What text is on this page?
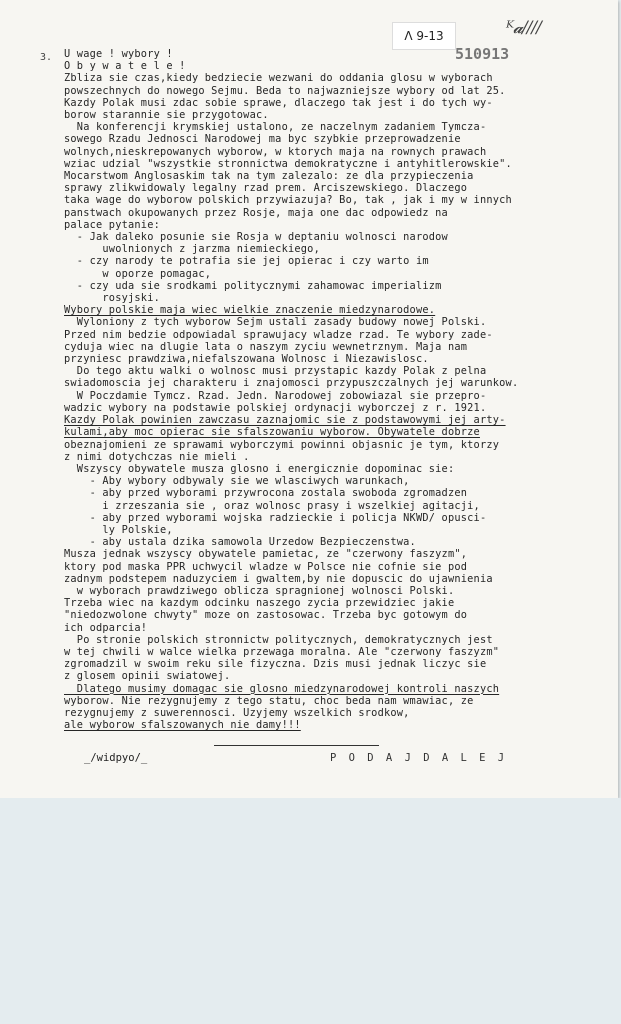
Λ 9-13	ᴷ𝓪////
510913
3. U wage ! wybory !
O b y w a t e l e !
Zbliza sie czas,kiedy bedziecie wezwani do oddania glosu w wyborach
powszechnych do nowego Sejmu. Beda to najwazniejsze wybory od lat 25.
Kazdy Polak musi zdac sobie sprawe, dlaczego tak jest i do tych wy-
borow starannie sie przygotowac.
Na konferencji krymskiej ustalono, ze naczelnym zadaniem Tymcza-
sowego Rzadu Jednosci Narodowej ma byc szybkie przeprowadzenie
wolnych,nieskrepowanych wyborow, w ktorych maja na rownych prawach
wziac udzial "wszystkie stronnictwa demokratyczne i antyhitlerowskie".
Mocarstwom Anglosaskim tak na tym zalezalo: ze dla przypieczenia
sprawy zlikwidowaly legalny rzad prem. Arciszewskiego. Dlaczego
taka wage do wyborow polskich przywiazuja? Bo, tak , jak i my w innych
panstwach okupowanych przez Rosje, maja one dac odpowiedz na
palace pytanie:
- Jak daleko posunie sie Rosja w deptaniu wolnosci narodow
uwolnionych z jarzma niemieckiego,
- czy narody te potrafia sie jej opierac i czy warto im
w oporze pomagac,
- czy uda sie srodkami politycznymi zahamowac imperializm
rosyjski.
Wybory polskie maja wiec wielkie znaczenie miedzynarodowe.
Wyloniony z tych wyborow Sejm ustali zasady budowy nowej Polski.
Przed nim bedzie odpowiadal sprawujacy wladze rzad. Te wybory zade-
cyduja wiec na dlugie lata o naszym zyciu wewnetrznym. Maja nam
przyniesc prawdziwa,niefalszowana Wolnosc i Niezawislosc.
Do tego aktu walki o wolnosc musi przystapic kazdy Polak z pelna
swiadomoscia jej charakteru i znajomosci przypuszczalnych jej warunkow.
W Poczdamie Tymcz. Rzad. Jedn. Narodowej zobowiazal sie przepro-
wadzic wybory na podstawie polskiej ordynacji wyborczej z r. 1921.
Kazdy Polak powinien zawczasu zaznajomic sie z podstawowymi jej arty-
kulami,aby moc opierac sie sfalszowaniu wyborow. Obywatele dobrze
obeznajomieni ze sprawami wyborczymi powinni objasnic je tym, ktorzy
z nimi dotychczas nie mieli .
Wszyscy obywatele musza glosno i energicznie dopominac sie:
- Aby wybory odbywaly sie we wlasciwych warunkach,
- aby przed wyborami przywrocona zostala swoboda zgromadzen
i zrzeszania sie , oraz wolnosc prasy i wszelkiej agitacji,
- aby przed wyborami wojska radzieckie i policja NKWD/ opusci-
ly Polskie,
- aby ustala dzika samowola Urzedow Bezpieczenstwa.
Musza jednak wszyscy obywatele pamietac, ze "czerwony faszyzm",
ktory pod maska PPR uchwycil wladze w Polsce nie cofnie sie pod
zadnym podstepem naduzyciem i gwaltem,by nie dopuscic do ujawnienia
w wyborach prawdziwego oblicza spragnionej wolnosci Polski.
Trzeba wiec na kazdym odcinku naszego zycia przewidziec jakie
"niedozwolone chwyty" moze on zastosowac. Trzeba byc gotowym do
ich odparcia!
Po stronie polskich stronnictw politycznych, demokratycznych jest
w tej chwili w walce wielka przewaga moralna. Ale "czerwony faszyzm"
zgromadzil w swoim reku sile fizyczna. Dzis musi jednak liczyc sie
z glosem opinii swiatowej.
Dlatego musimy domagac sie glosno miedzynarodowej kontroli naszych
wyborow. Nie rezygnujemy z tego statu, choc beda nam wmawiac, ze
rezygnujemy z suwerennosci. Uzyjemy wszelkich srodkow,
ale wyborow sfalszowanych nie damy!!!
_/widpyo/_	P O D A J D A L E J
